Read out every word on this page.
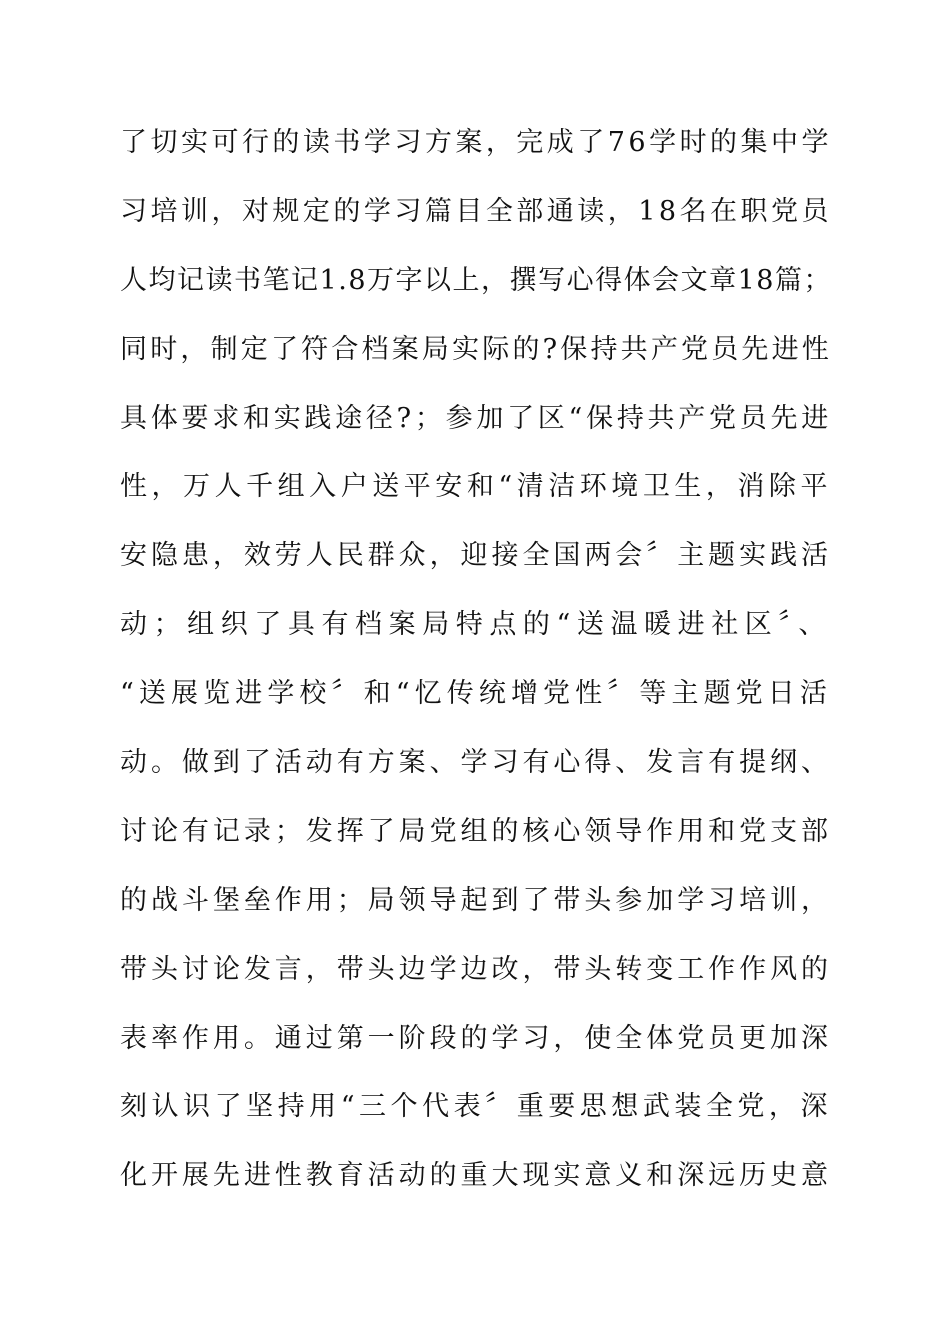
了切实可行的读书学习方案，完成了76学时的集中学
习培训，对规定的学习篇目全部通读，18名在职党员
人均记读书笔记1.8万字以上，撰写心得体会文章18篇；
同时，制定了符合档案局实际的?保持共产党员先进性
具体要求和实践途径?；参加了区“保持共产党员先进
性，万人千组入户送平安和“清洁环境卫生，消除平
安隐患，效劳人民群众，迎接全国两会〞主题实践活
动；组织了具有档案局特点的“送温暖进社区〞、
“送展览进学校〞和“忆传统增党性〞等主题党日活
动。做到了活动有方案、学习有心得、发言有提纲、
讨论有记录；发挥了局党组的核心领导作用和党支部
的战斗堡垒作用；局领导起到了带头参加学习培训，
带头讨论发言，带头边学边改，带头转变工作作风的
表率作用。通过第一阶段的学习，使全体党员更加深
刻认识了坚持用“三个代表〞重要思想武装全党，深
化开展先进性教育活动的重大现实意义和深远历史意
